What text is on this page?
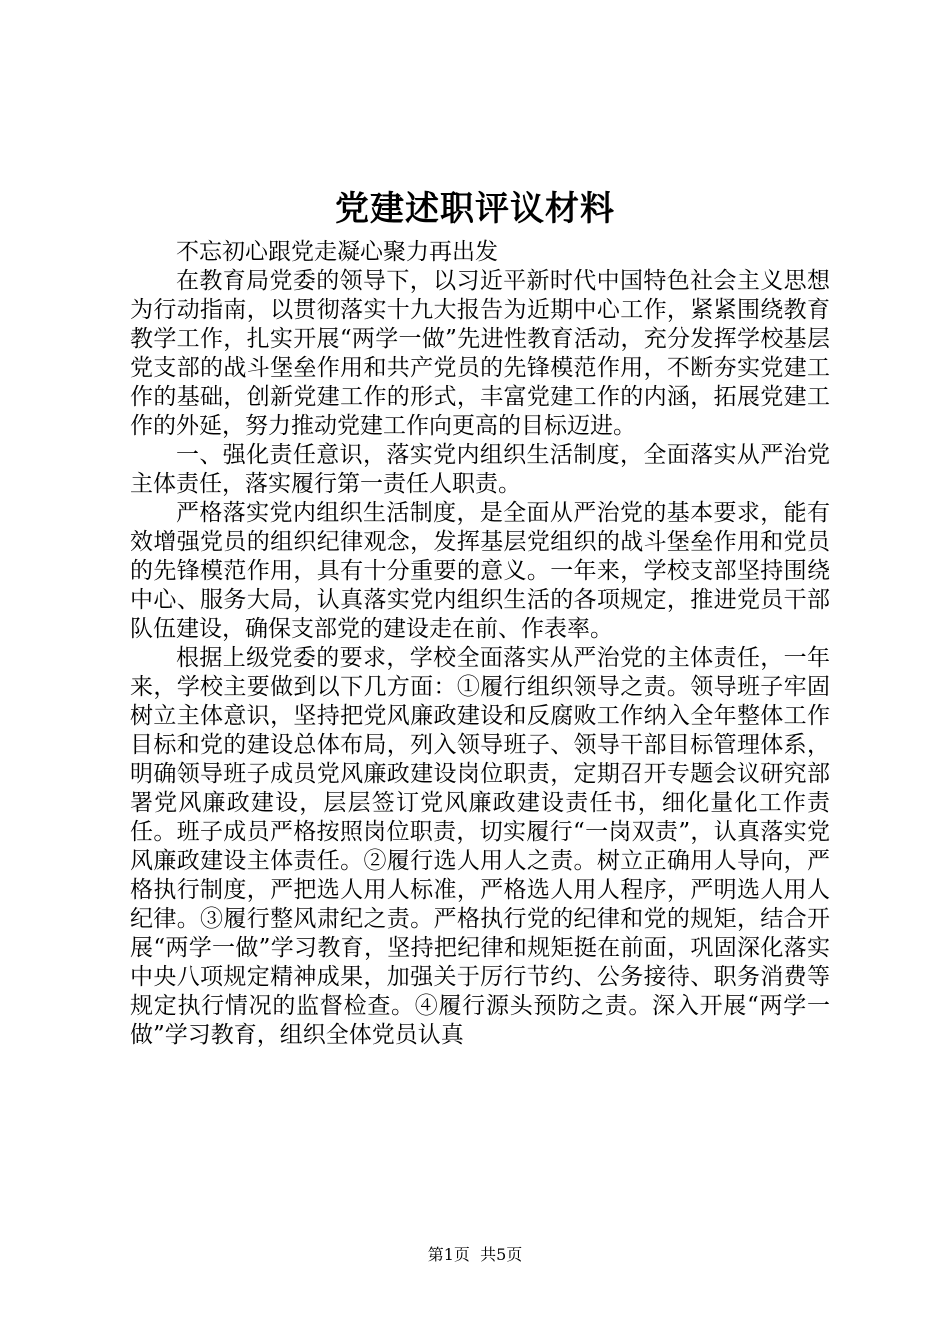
党建述职评议材料

不忘初心跟党走凝心聚力再出发

在教育局党委的领导下，以习近平新时代中国特色社会主义思想为行动指南，以贯彻落实十九大报告为近期中心工作，紧紧围绕教育教学工作，扎实开展“两学一做”先进性教育活动，充分发挥学校基层党支部的战斗堡垒作用和共产党员的先锋模范作用，不断夯实党建工作的基础，创新党建工作的形式，丰富党建工作的内涵，拓展党建工作的外延，努力推动党建工作向更高的目标迈进。

一、强化责任意识，落实党内组织生活制度，全面落实从严治党主体责任，落实履行第一责任人职责。

严格落实党内组织生活制度，是全面从严治党的基本要求，能有效增强党员的组织纪律观念，发挥基层党组织的战斗堡垒作用和党员的先锋模范作用，具有十分重要的意义。一年来，学校支部坚持围绕中心、服务大局，认真落实党内组织生活的各项规定，推进党员干部队伍建设，确保支部党的建设走在前、作表率。

根据上级党委的要求，学校全面落实从严治党的主体责任，一年来，学校主要做到以下几方面：①履行组织领导之责。领导班子牢固树立主体意识，坚持把党风廉政建设和反腐败工作纳入全年整体工作目标和党的建设总体布局，列入领导班子、领导干部目标管理体系，明确领导班子成员党风廉政建设岗位职责，定期召开专题会议研究部署党风廉政建设，层层签订党风廉政建设责任书，细化量化工作责任。班子成员严格按照岗位职责，切实履行“一岗双责”，认真落实党风廉政建设主体责任。②履行选人用人之责。树立正确用人导向，严格执行制度，严把选人用人标准，严格选人用人程序，严明选人用人纪律。③履行整风肃纪之责。严格执行党的纪律和党的规矩，结合开展“两学一做”学习教育，坚持把纪律和规矩挺在前面，巩固深化落实中央八项规定精神成果，加强关于厉行节约、公务接待、职务消费等规定执行情况的监督检查。④履行源头预防之责。深入开展“两学一做”学习教育，组织全体党员认真

第1页 共5页
